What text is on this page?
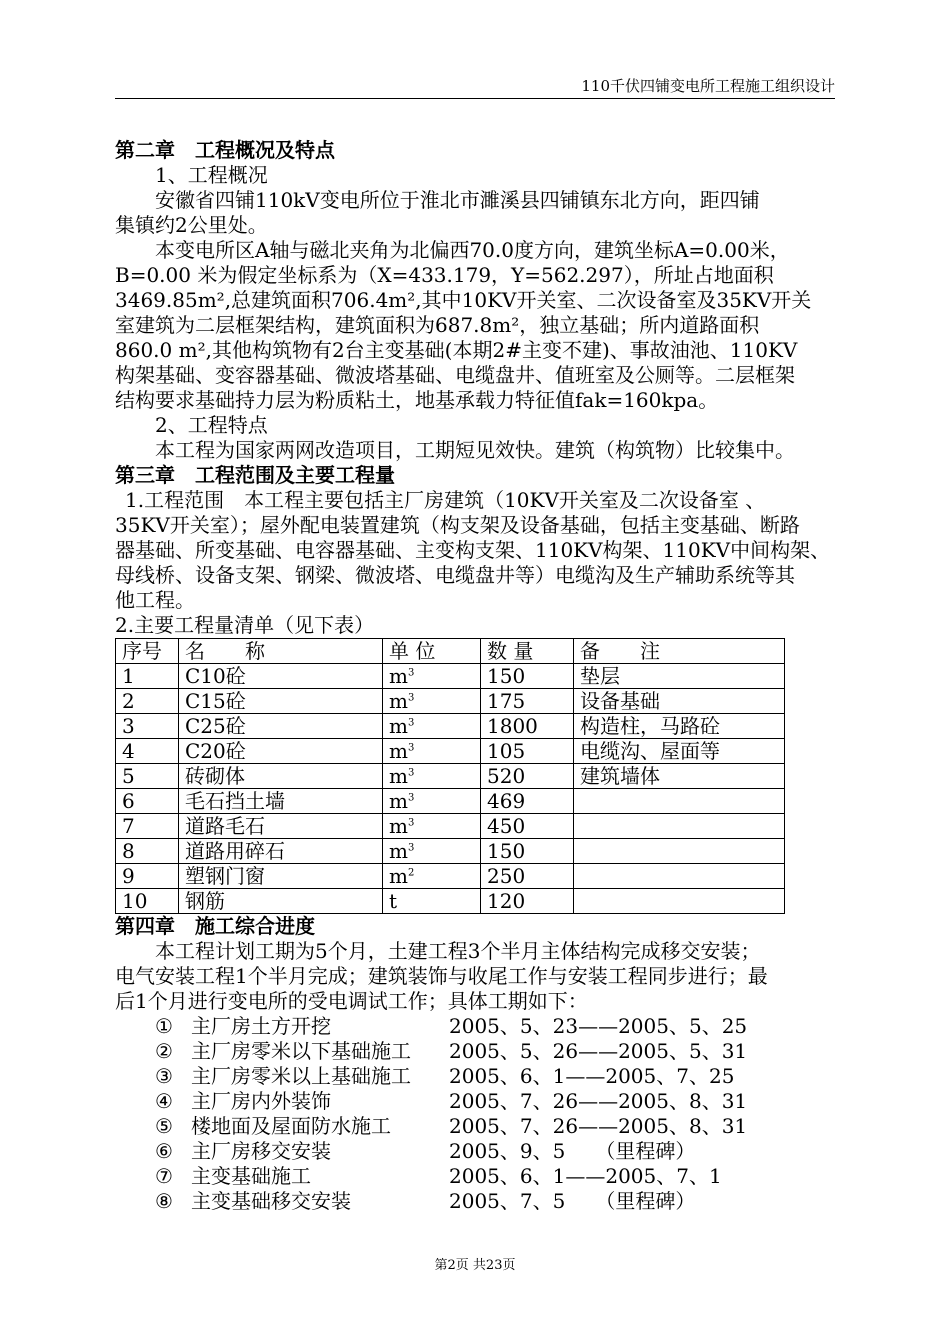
110千伏四铺变电所工程施工组织设计
第二章　工程概况及特点
1、工程概况
安徽省四铺110kV变电所位于淮北市濉溪县四铺镇东北方向，距四铺
集镇约2公里处。
本变电所区A轴与磁北夹角为北偏西70.0度方向，建筑坐标A=0.00米，
B=0.00 米为假定坐标系为（X=433.179，Y=562.297），所址占地面积
3469.85m²,总建筑面积706.4m²,其中10KV开关室、二次设备室及35KV开关
室建筑为二层框架结构，建筑面积为687.8m²，独立基础；所内道路面积
860.0 m²,其他构筑物有2台主变基础(本期2#主变不建)、事故油池、110KV
构架基础、变容器基础、微波塔基础、电缆盘井、值班室及公厕等。二层框架
结构要求基础持力层为粉质粘土，地基承载力特征值fak=160kpa。
2、工程特点
本工程为国家两网改造项目，工期短见效快。建筑（构筑物）比较集中。
第三章　工程范围及主要工程量
1.工程范围　本工程主要包括主厂房建筑（10KV开关室及二次设备室 、
35KV开关室）；屋外配电装置建筑（构支架及设备基础，包括主变基础、断路
器基础、所变基础、电容器基础、主变构支架、110KV构架、110KV中间构架、
母线桥、设备支架、钢梁、微波塔、电缆盘井等）电缆沟及生产辅助系统等其
他工程。
2.主要工程量清单（见下表）
序号	名　　称	单 位	数 量	备　　注
1	C10砼	$m^3$	150	垫层
2	C15砼	$m^3$	175	设备基础
3	C25砼	$m^3$	1800	构造柱，马路砼
4	C20砼	$m^3$	105	电缆沟、屋面等
5	砖砌体	$m^3$	520	建筑墙体
6	毛石挡土墙	$m^3$	469	
7	道路毛石	$m^3$	450	
8	道路用碎石	$m^3$	150	
9	塑钢门窗	$m^2$	250	
10	钢筋	t	120	
第四章　施工综合进度
本工程计划工期为5个月，土建工程3个半月主体结构完成移交安装；
电气安装工程1个半月完成；建筑装饰与收尾工作与安装工程同步进行；最
后1个月进行变电所的受电调试工作；具体工期如下：
① 主厂房土方开挖	2005、5、23——2005、5、25
② 主厂房零米以下基础施工	2005、5、26——2005、5、31
③ 主厂房零米以上基础施工	2005、6、1——2005、7、25
④ 主厂房内外装饰	2005、7、26——2005、8、31
⑤ 楼地面及屋面防水施工	2005、7、26——2005、8、31
⑥ 主厂房移交安装	2005、9、5　　（里程碑）
⑦ 主变基础施工	2005、6、1——2005、7、1
⑧ 主变基础移交安装	2005、7、5　　（里程碑）
第2页 共23页
